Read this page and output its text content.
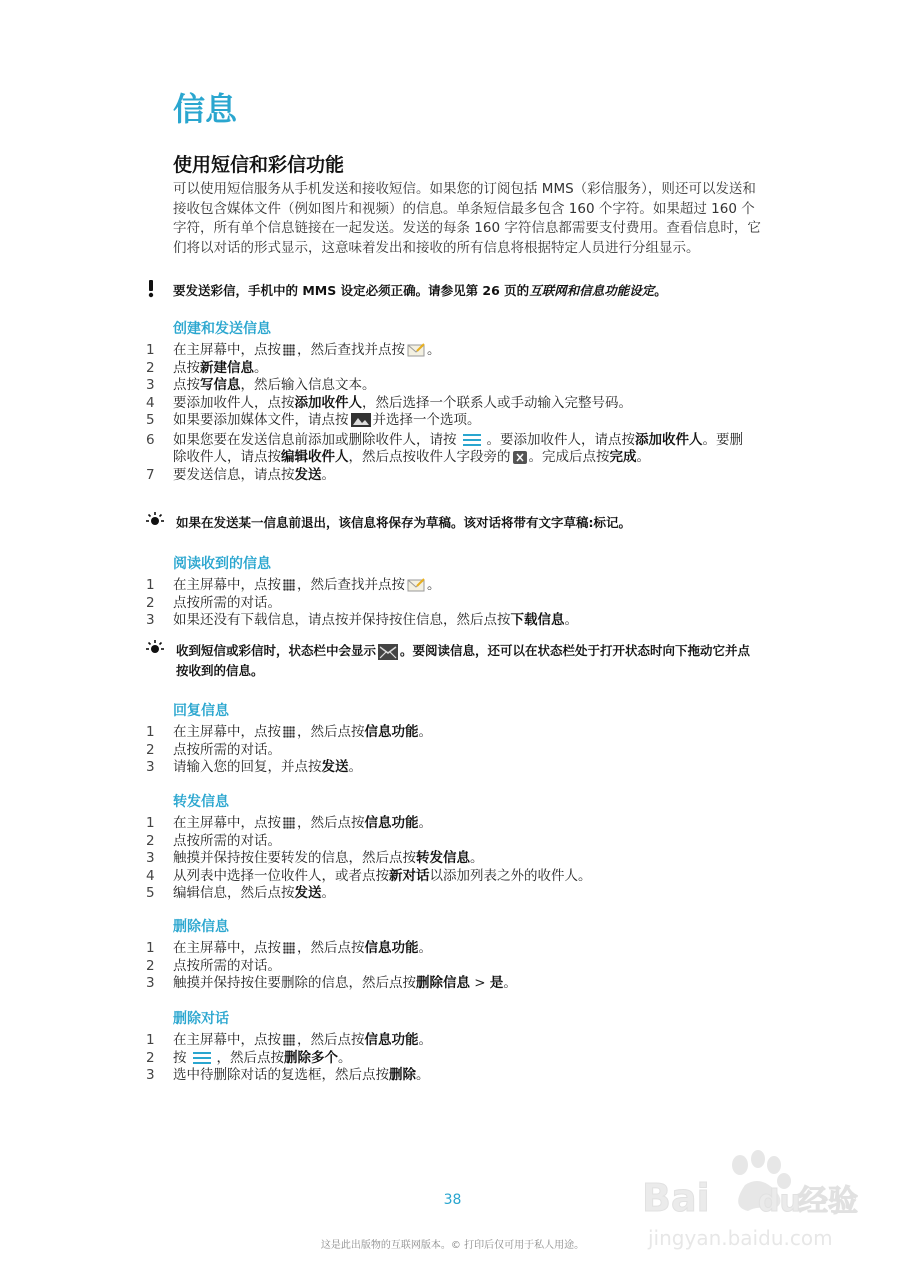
信息
使用短信和彩信功能

可以使用短信服务从手机发送和接收短信。如果您的订阅包括 MMS（彩信服务），则还可以发送和接收包含媒体文件（例如图片和视频）的信息。单条短信最多包含 160 个字符。如果超过 160 个字符，所有单个信息链接在一起发送。发送的每条 160 字符信息都需要支付费用。查看信息时，它们将以对话的形式显示，这意味着发出和接收的所有信息将根据特定人员进行分组显示。

要发送彩信，手机中的 MMS 设定必须正确。请参见第 26 页的互联网和信息功能设定。
创建和发送信息
1	在主屏幕中，点按 ，然后查找并点按 。
2	点按新建信息。
3	点按写信息，然后输入信息文本。
4	要添加收件人，点按添加收件人，然后选择一个联系人或手动输入完整号码。
5	如果要添加媒体文件，请点按 并选择一个选项。
6	如果您要在发送信息前添加或删除收件人，请按 。要添加收件人，请点按添加收件人。要删除收件人，请点按编辑收件人，然后点按收件人字段旁的 。完成后点按完成。
7	要发送信息，请点按发送。
如果在发送某一信息前退出，该信息将保存为草稿。该对话将带有文字草稿:标记。
阅读收到的信息
1	在主屏幕中，点按 ，然后查找并点按 。
2	点按所需的对话。
3	如果还没有下载信息，请点按并保持按住信息，然后点按下载信息。
收到短信或彩信时，状态栏中会显示 。要阅读信息，还可以在状态栏处于打开状态时向下拖动它并点按收到的信息。
回复信息
1	在主屏幕中，点按 ，然后点按信息功能。
2	点按所需的对话。
3	请输入您的回复，并点按发送。
转发信息
1	在主屏幕中，点按 ，然后点按信息功能。
2	点按所需的对话。
3	触摸并保持按住要转发的信息，然后点按转发信息。
4	从列表中选择一位收件人，或者点按新对话以添加列表之外的收件人。
5	编辑信息，然后点按发送。
删除信息
1	在主屏幕中，点按 ，然后点按信息功能。
2	点按所需的对话。
3	触摸并保持按住要删除的信息，然后点按删除信息 > 是。
删除对话
1	在主屏幕中，点按 ，然后点按信息功能。
2	按 ，然后点按删除多个。
3	选中待删除对话的复选框，然后点按删除。
Bai	经验
du
jingyan.baidu.com
38
这是此出版物的互联网版本。© 打印后仅可用于私人用途。
